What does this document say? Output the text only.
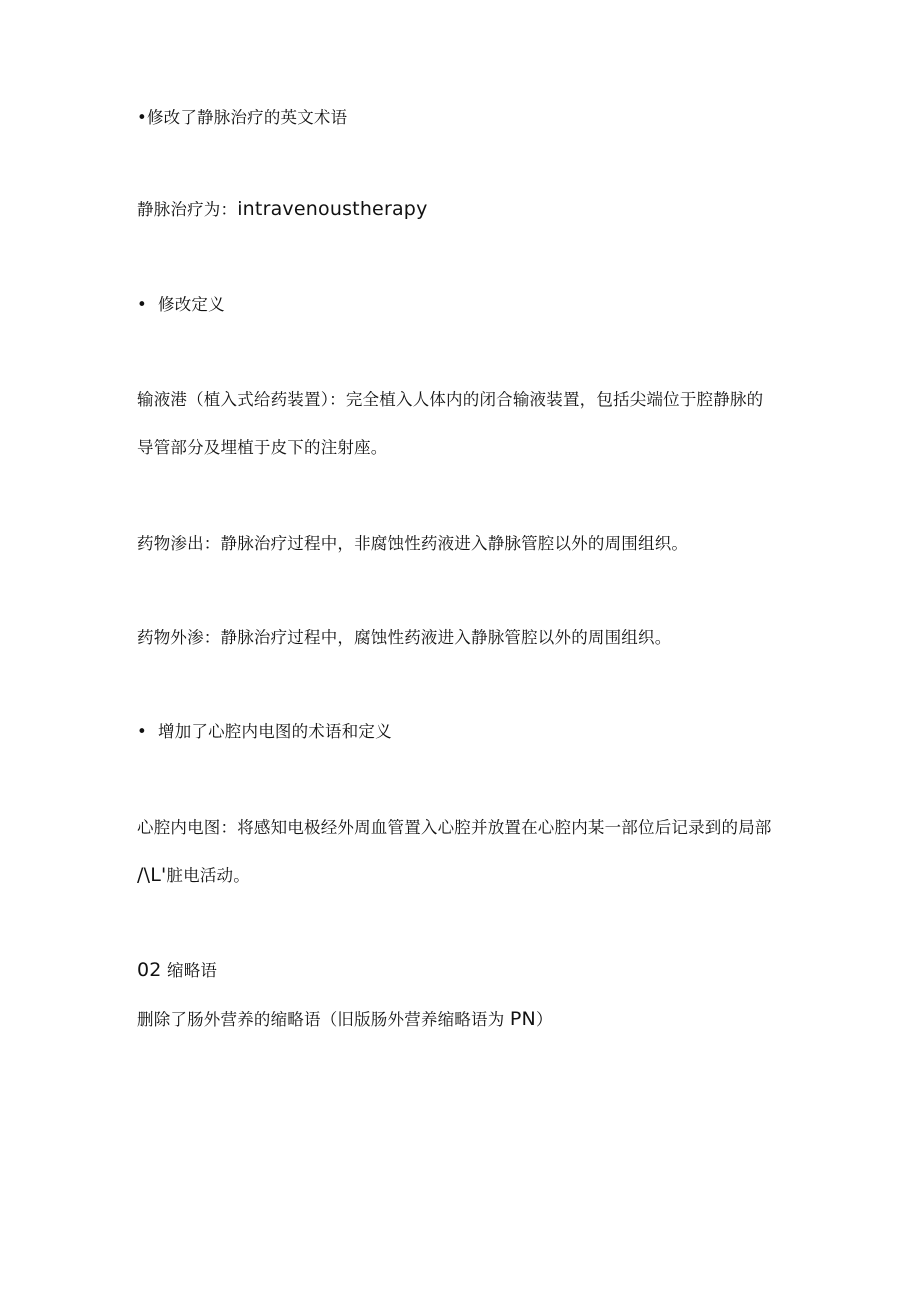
•修改了静脉治疗的英文术语
静脉治疗为：intravenoustherapy
• 修改定义
输液港（植入式给药装置）：完全植入人体内的闭合输液装置，包括尖端位于腔静脉的
导管部分及埋植于皮下的注射座。
药物渗出：静脉治疗过程中，非腐蚀性药液进入静脉管腔以外的周围组织。
药物外渗：静脉治疗过程中，腐蚀性药液进入静脉管腔以外的周围组织。
• 增加了心腔内电图的术语和定义
心腔内电图：将感知电极经外周血管置入心腔并放置在心腔内某一部位后记录到的局部
/\L'脏电活动。
02 缩略语
删除了肠外营养的缩略语（旧版肠外营养缩略语为 PN）
